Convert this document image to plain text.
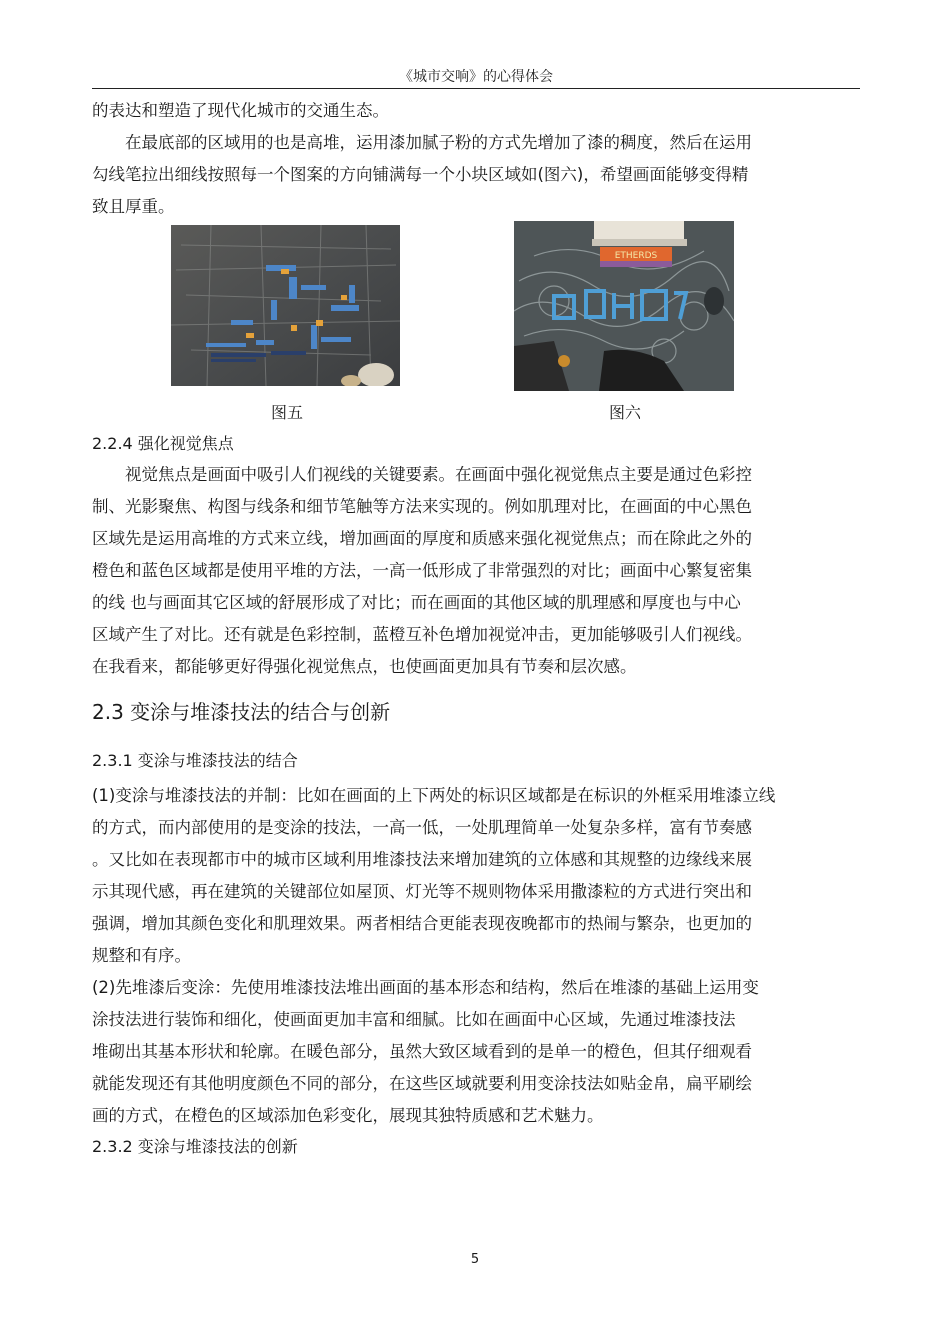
《城市交响》的心得体会

的表达和塑造了现代化城市的交通生态。

在最底部的区域用的也是高堆，运用漆加腻子粉的方式先增加了漆的稠度，然后在运用
勾线笔拉出细线按照每一个图案的方向铺满每一个小块区域如(图六)，希望画面能够变得精
致且厚重。

ETHERDS
图五	图六
2.2.4 强化视觉焦点

视觉焦点是画面中吸引人们视线的关键要素。在画面中强化视觉焦点主要是通过色彩控
制、光影聚焦、构图与线条和细节笔触等方法来实现的。例如肌理对比，在画面的中心黑色
区域先是运用高堆的方式来立线，增加画面的厚度和质感来强化视觉焦点；而在除此之外的
橙色和蓝色区域都是使用平堆的方法，一高一低形成了非常强烈的对比；画面中心繁复密集
的线 也与画面其它区域的舒展形成了对比；而在画面的其他区域的肌理感和厚度也与中心
区域产生了对比。还有就是色彩控制，蓝橙互补色增加视觉冲击，更加能够吸引人们视线。
在我看来，都能够更好得强化视觉焦点，也使画面更加具有节奏和层次感。

2.3 变涂与堆漆技法的结合与创新
2.3.1 变涂与堆漆技法的结合

(1)变涂与堆漆技法的并制：比如在画面的上下两处的标识区域都是在标识的外框采用堆漆立线
的方式，而内部使用的是变涂的技法，一高一低，一处肌理简单一处复杂多样，富有节奏感
。又比如在表现都市中的城市区域利用堆漆技法来增加建筑的立体感和其规整的边缘线来展
示其现代感，再在建筑的关键部位如屋顶、灯光等不规则物体采用撒漆粒的方式进行突出和
强调，增加其颜色变化和肌理效果。两者相结合更能表现夜晚都市的热闹与繁杂，也更加的
规整和有序。

(2)先堆漆后变涂：先使用堆漆技法堆出画面的基本形态和结构，然后在堆漆的基础上运用变
涂技法进行装饰和细化，使画面更加丰富和细腻。比如在画面中心区域，先通过堆漆技法
堆砌出其基本形状和轮廓。在暖色部分，虽然大致区域看到的是单一的橙色，但其仔细观看
就能发现还有其他明度颜色不同的部分，在这些区域就要利用变涂技法如贴金帛，扁平刷绘
画的方式，在橙色的区域添加色彩变化，展现其独特质感和艺术魅力。

2.3.2 变涂与堆漆技法的创新
5
